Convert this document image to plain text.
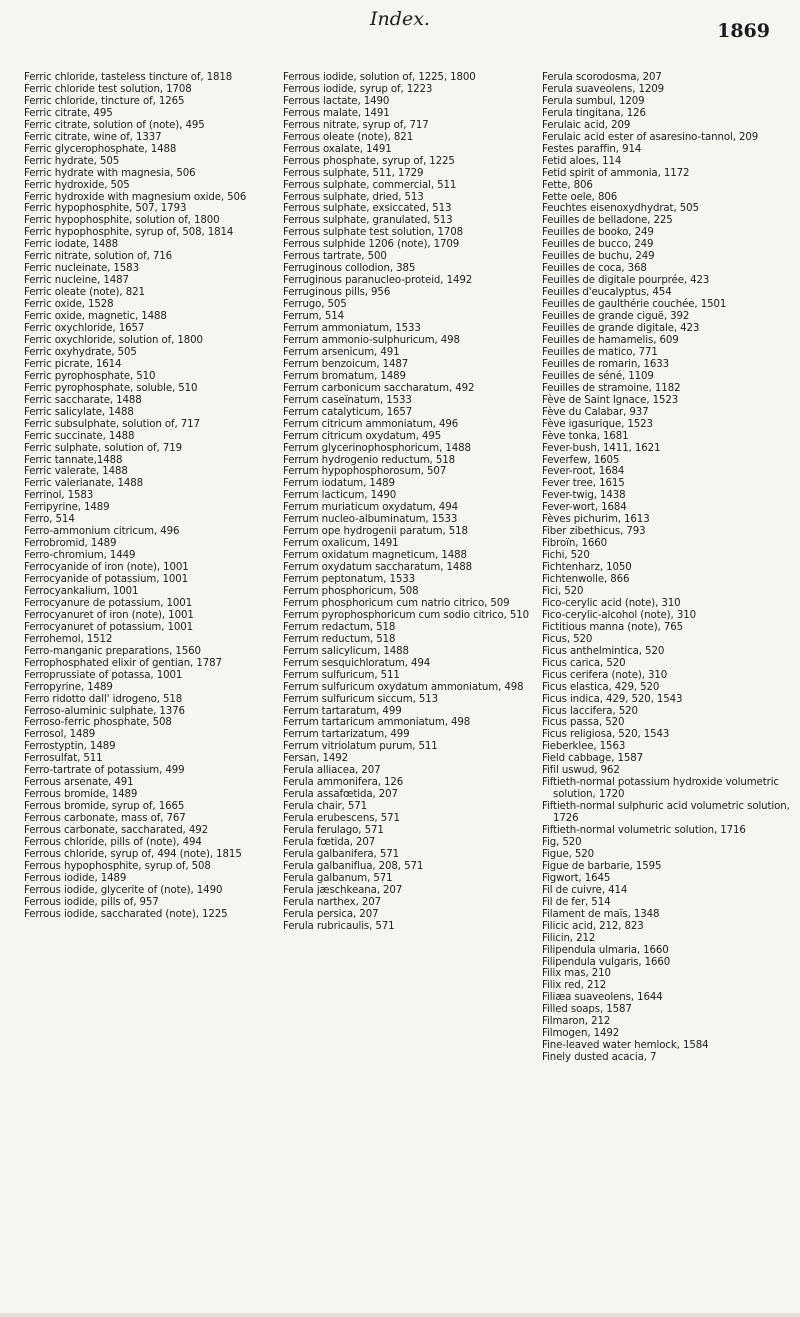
Index.
1869
Ferric chloride, tasteless tincture of, 1818
Ferric chloride test solution, 1708
Ferric chloride, tincture of, 1265
Ferric citrate, 495
Ferric citrate, solution of (note), 495
Ferric citrate, wine of, 1337
Ferric glycerophosphate, 1488
Ferric hydrate, 505
Ferric hydrate with magnesia, 506
Ferric hydroxide, 505
Ferric hydroxide with magnesium oxide, 506
Ferric hypophosphite, 507, 1793
Ferric hypophosphite, solution of, 1800
Ferric hypophosphite, syrup of, 508, 1814
Ferric iodate, 1488
Ferric nitrate, solution of, 716
Ferric nucleinate, 1583
Ferric nucleine, 1487
Ferric oleate (note), 821
Ferric oxide, 1528
Ferric oxide, magnetic, 1488
Ferric oxychloride, 1657
Ferric oxychloride, solution of, 1800
Ferric oxyhydrate, 505
Ferric picrate, 1614
Ferric pyrophosphate, 510
Ferric pyrophosphate, soluble, 510
Ferric saccharate, 1488
Ferric salicylate, 1488
Ferric subsulphate, solution of, 717
Ferric succinate, 1488
Ferric sulphate, solution of, 719
Ferric tannate,1488
Ferric valerate, 1488
Ferric valerianate, 1488
Ferrinol, 1583
Ferripyrine, 1489
Ferro, 514
Ferro-ammonium citricum, 496
Ferrobromid, 1489
Ferro-chromium, 1449
Ferrocyanide of iron (note), 1001
Ferrocyanide of potassium, 1001
Ferrocyankalium, 1001
Ferrocyanure de potassium, 1001
Ferrocyanuret of iron (note), 1001
Ferrocyanuret of potassium, 1001
Ferrohemol, 1512
Ferro-manganic preparations, 1560
Ferrophosphated elixir of gentian, 1787
Ferroprussiate of potassa, 1001
Ferropyrine, 1489
Ferro ridotto dall' idrogeno, 518
Ferroso-aluminic sulphate, 1376
Ferroso-ferric phosphate, 508
Ferrosol, 1489
Ferrostyptin, 1489
Ferrosulfat, 511
Ferro-tartrate of potassium, 499
Ferrous arsenate, 491
Ferrous bromide, 1489
Ferrous bromide, syrup of, 1665
Ferrous carbonate, mass of, 767
Ferrous carbonate, saccharated, 492
Ferrous chloride, pills of (note), 494
Ferrous chloride, syrup of, 494 (note), 1815
Ferrous hypophosphite, syrup of, 508
Ferrous iodide, 1489
Ferrous iodide, glycerite of (note), 1490
Ferrous iodide, pills of, 957
Ferrous iodide, saccharated (note), 1225
Ferrous iodide, solution of, 1225, 1800
Ferrous iodide, syrup of, 1223
Ferrous lactate, 1490
Ferrous malate, 1491
Ferrous nitrate, syrup of, 717
Ferrous oleate (note), 821
Ferrous oxalate, 1491
Ferrous phosphate, syrup of, 1225
Ferrous sulphate, 511, 1729
Ferrous sulphate, commercial, 511
Ferrous sulphate, dried, 513
Ferrous sulphate, exsiccated, 513
Ferrous sulphate, granulated, 513
Ferrous sulphate test solution, 1708
Ferrous sulphide 1206 (note), 1709
Ferrous tartrate, 500
Ferruginous collodion, 385
Ferruginous paranucleo-proteid, 1492
Ferruginous pills, 956
Ferrugo, 505
Ferrum, 514
Ferrum ammoniatum, 1533
Ferrum ammonio-sulphuricum, 498
Ferrum arsenicum, 491
Ferrum benzoicum, 1487
Ferrum bromatum, 1489
Ferrum carbonicum saccharatum, 492
Ferrum caseïnatum, 1533
Ferrum catalyticum, 1657
Ferrum citricum ammoniatum, 496
Ferrum citricum oxydatum, 495
Ferrum glycerinophosphoricum, 1488
Ferrum hydrogenio reductum, 518
Ferrum hypophosphorosum, 507
Ferrum iodatum, 1489
Ferrum lacticum, 1490
Ferrum muriaticum oxydatum, 494
Ferrum nucleo-albuminatum, 1533
Ferrum ope hydrogenii paratum, 518
Ferrum oxalicum, 1491
Ferrum oxidatum magneticum, 1488
Ferrum oxydatum saccharatum, 1488
Ferrum peptonatum, 1533
Ferrum phosphoricum, 508
Ferrum phosphoricum cum natrio citrico, 509
Ferrum pyrophosphoricum cum sodio citrico, 510
Ferrum redactum, 518
Ferrum reductum, 518
Ferrum salicylicum, 1488
Ferrum sesquichloratum, 494
Ferrum sulfuricum, 511
Ferrum sulfuricum oxydatum ammoniatum, 498
Ferrum sulfuricum siccum, 513
Ferrum tartaratum, 499
Ferrum tartaricum ammoniatum, 498
Ferrum tartarizatum, 499
Ferrum vitriolatum purum, 511
Fersan, 1492
Ferula alliacea, 207
Ferula ammonifera, 126
Ferula assafœtida, 207
Ferula chair, 571
Ferula erubescens, 571
Ferula ferulago, 571
Ferula fœtida, 207
Ferula galbanifera, 571
Ferula galbaniflua, 208, 571
Ferula galbanum, 571
Ferula jæschkeana, 207
Ferula narthex, 207
Ferula persica, 207
Ferula rubricaulis, 571
Ferula scorodosma, 207
Ferula suaveolens, 1209
Ferula sumbul, 1209
Ferula tingitana, 126
Ferulaic acid, 209
Ferulaic acid ester of asaresino-tannol, 209
Festes paraffin, 914
Fetid aloes, 114
Fetid spirit of ammonia, 1172
Fette, 806
Fette oele, 806
Feuchtes eisenoxydhydrat, 505
Feuilles de belladone, 225
Feuilles de booko, 249
Feuilles de bucco, 249
Feuilles de buchu, 249
Feuilles de coca, 368
Feuilles de digitale pourprée, 423
Feuilles d'eucalyptus, 454
Feuilles de gaulthérie couchée, 1501
Feuilles de grande ciguë, 392
Feuilles de grande digitale, 423
Feuilles de hamamelis, 609
Feuilles de matico, 771
Feuilles de romarin, 1633
Feuilles de séné, 1109
Feuilles de stramoine, 1182
Fève de Saint Ignace, 1523
Fève du Calabar, 937
Fève igasurique, 1523
Fève tonka, 1681
Fever-bush, 1411, 1621
Feverfew, 1605
Fever-root, 1684
Fever tree, 1615
Fever-twig, 1438
Fever-wort, 1684
Fèves pichurim, 1613
Fiber zibethicus, 793
Fibroïn, 1660
Fichi, 520
Fichtenharz, 1050
Fichtenwolle, 866
Fici, 520
Fico-cerylic acid (note), 310
Fico-cerylic-alcohol (note), 310
Fictitious manna (note), 765
Ficus, 520
Ficus anthelmintica, 520
Ficus carica, 520
Ficus cerifera (note), 310
Ficus elastica, 429, 520
Ficus indica, 429, 520, 1543
Ficus laccifera, 520
Ficus passa, 520
Ficus religiosa, 520, 1543
Fieberklee, 1563
Field cabbage, 1587
Fifil uswud, 962
Fiftieth-normal potassium hydroxide volumetric solution, 1720
Fiftieth-normal sulphuric acid volumetric solution, 1726
Fiftieth-normal volumetric solution, 1716
Fig, 520
Figue, 520
Figue de barbarie, 1595
Figwort, 1645
Fil de cuivre, 414
Fil de fer, 514
Filament de maïs, 1348
Filicic acid, 212, 823
Filicin, 212
Filipendula ulmaria, 1660
Filipendula vulgaris, 1660
Filix mas, 210
Filix red, 212
Filiæa suaveolens, 1644
Filled soaps, 1587
Filmaron, 212
Filmogen, 1492
Fine-leaved water hemlock, 1584
Finely dusted acacia, 7
